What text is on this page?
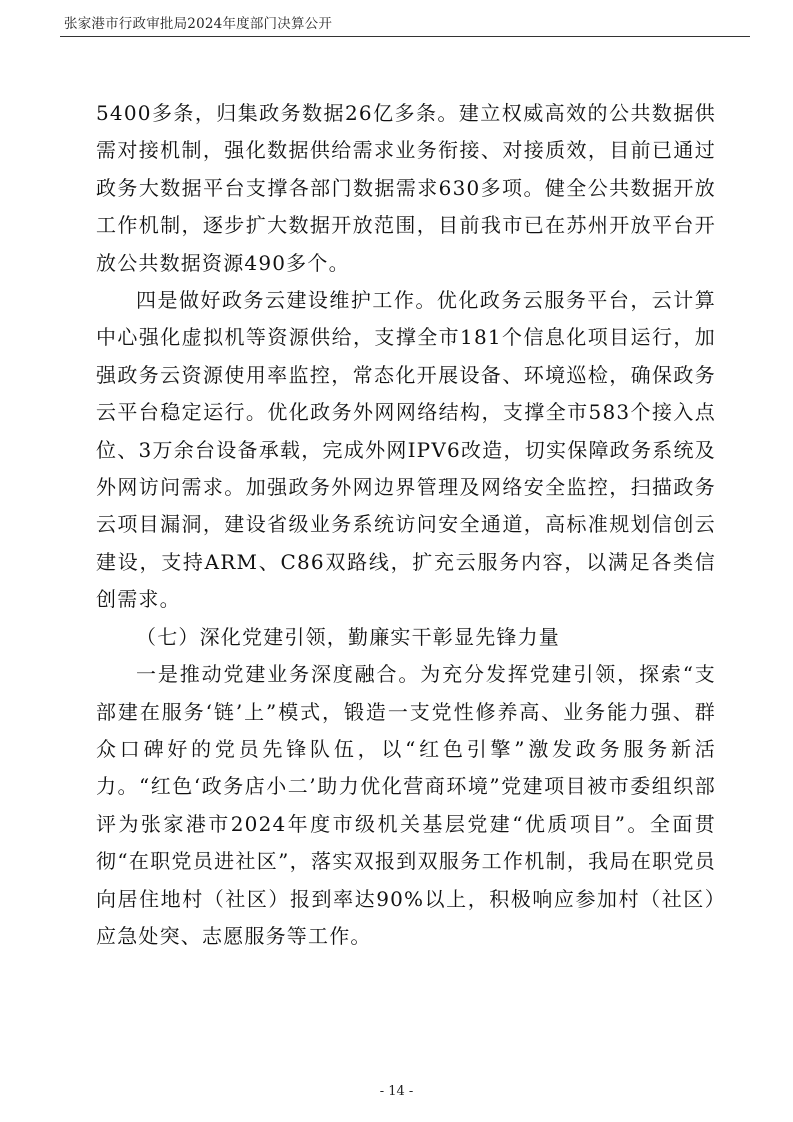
张家港市行政审批局2024年度部门决算公开

5400多条，归集政务数据26亿多条。建立权威高效的公共数据供需对接机制，强化数据供给需求业务衔接、对接质效，目前已通过政务大数据平台支撑各部门数据需求630多项。健全公共数据开放工作机制，逐步扩大数据开放范围，目前我市已在苏州开放平台开放公共数据资源490多个。

四是做好政务云建设维护工作。优化政务云服务平台，云计算中心强化虚拟机等资源供给，支撑全市181个信息化项目运行，加强政务云资源使用率监控，常态化开展设备、环境巡检，确保政务云平台稳定运行。优化政务外网网络结构，支撑全市583个接入点位、3万余台设备承载，完成外网IPV6改造，切实保障政务系统及外网访问需求。加强政务外网边界管理及网络安全监控，扫描政务云项目漏洞，建设省级业务系统访问安全通道，高标准规划信创云建设，支持ARM、C86双路线，扩充云服务内容，以满足各类信创需求。

（七）深化党建引领，勤廉实干彰显先锋力量

一是推动党建业务深度融合。为充分发挥党建引领，探索“支部建在服务‘链’上”模式，锻造一支党性修养高、业务能力强、群众口碑好的党员先锋队伍，以“红色引擎”激发政务服务新活力。“红色‘政务店小二’助力优化营商环境”党建项目被市委组织部评为张家港市2024年度市级机关基层党建“优质项目”。全面贯彻“在职党员进社区”，落实双报到双服务工作机制，我局在职党员向居住地村（社区）报到率达90%以上，积极响应参加村（社区）应急处突、志愿服务等工作。

- 14 -
